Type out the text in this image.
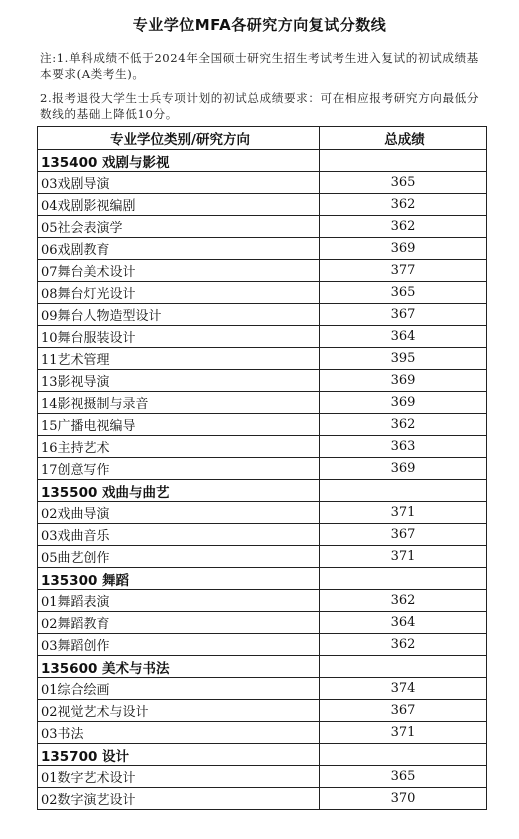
专业学位MFA各研究方向复试分数线
注:1.单科成绩不低于2024年全国硕士研究生招生考试考生进入复试的初试成绩基本要求(A类考生)。
2.报考退役大学生士兵专项计划的初试总成绩要求：可在相应报考研究方向最低分数线的基础上降低10分。
专业学位类别/研究方向	总成绩
135400 戏剧与影视	
03戏剧导演	365
04戏剧影视编剧	362
05社会表演学	362
06戏剧教育	369
07舞台美术设计	377
08舞台灯光设计	365
09舞台人物造型设计	367
10舞台服装设计	364
11艺术管理	395
13影视导演	369
14影视摄制与录音	369
15广播电视编导	362
16主持艺术	363
17创意写作	369
135500 戏曲与曲艺	
02戏曲导演	371
03戏曲音乐	367
05曲艺创作	371
135300 舞蹈	
01舞蹈表演	362
02舞蹈教育	364
03舞蹈创作	362
135600 美术与书法	
01综合绘画	374
02视觉艺术与设计	367
03书法	371
135700 设计	
01数字艺术设计	365
02数字演艺设计	370
